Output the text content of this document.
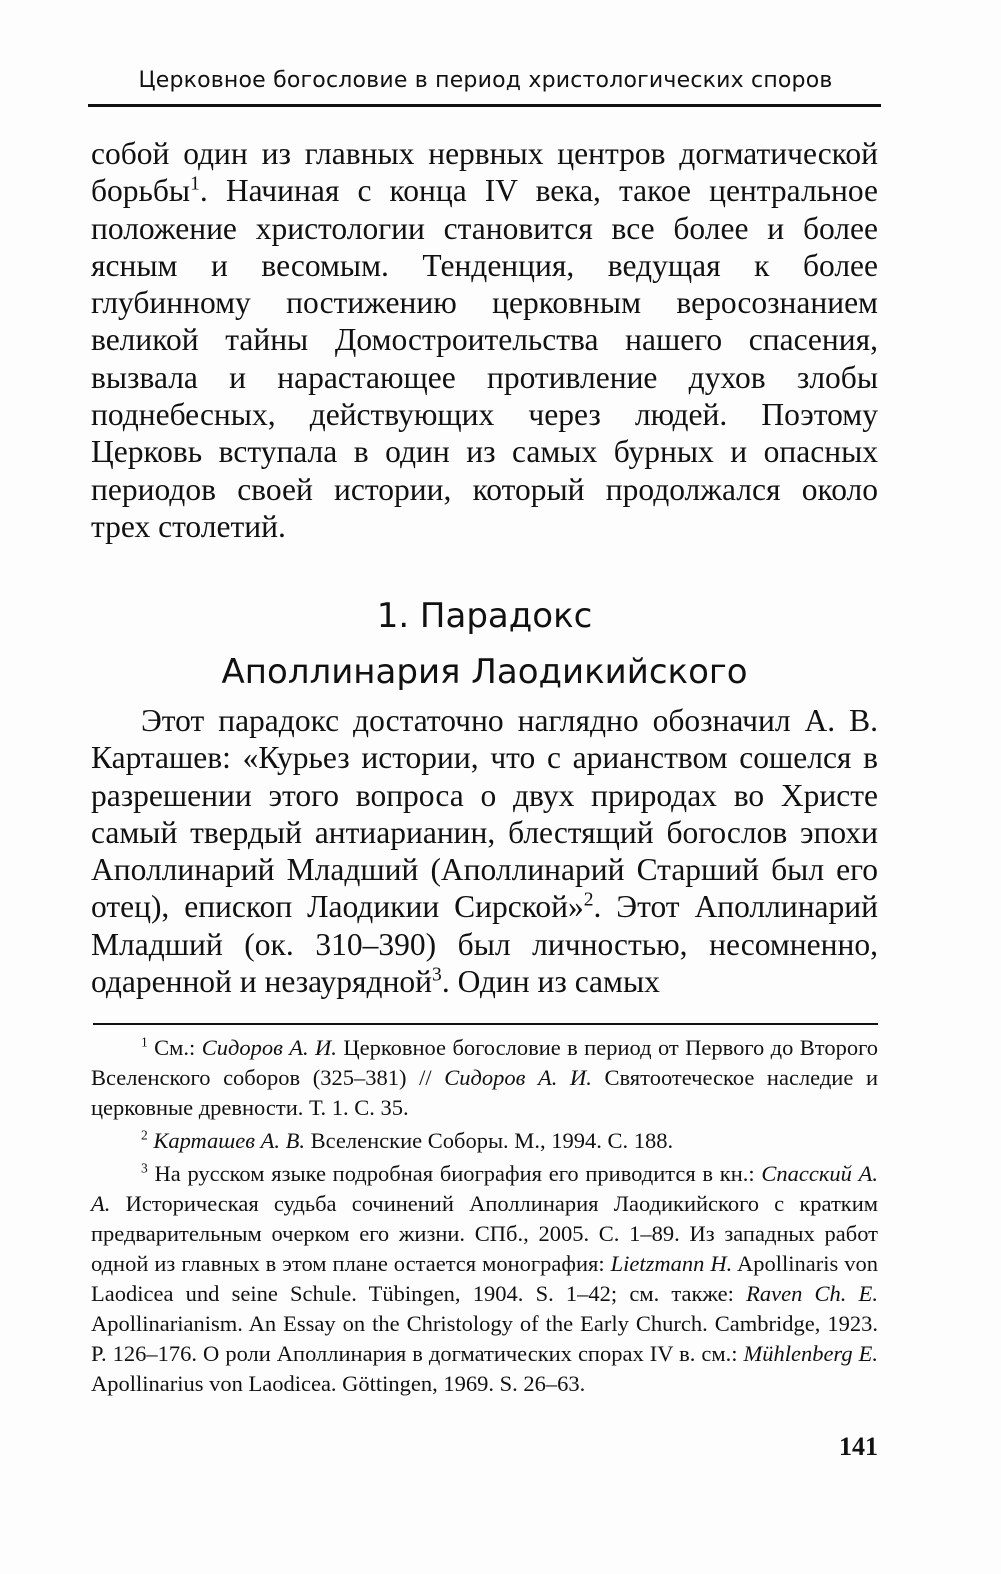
Церковное богословие в период христологических споров
собой один из главных нервных центров догматической борьбы$^1$. Начиная с конца IV века, такое центральное положение христологии становится все более и более ясным и весомым. Тенденция, ведущая к более глубинному постижению церковным веросознанием великой тайны Домостроительства нашего спасения, вызвала и нарастающее противление духов злобы поднебесных, действующих через людей. Поэтому Церковь вступала в один из самых бурных и опасных периодов своей истории, который продолжался около трех столетий.
1. Парадокс
Аполлинария Лаодикийского
Этот парадокс достаточно наглядно обозначил А. В. Карташев: «Курьез истории, что с арианством сошелся в разрешении этого вопроса о двух природах во Христе самый твердый антиарианин, блестящий богослов эпохи Аполлинарий Младший (Аполлинарий Старший был его отец), епископ Лаодикии Сирской»$^2$. Этот Аполлинарий Младший (ок. 310–390) был личностью, несомненно, одаренной и незаурядной$^3$. Один из самых

$^1$ См.: Сидоров А. И. Церковное богословие в период от Первого до Второго Вселенского соборов (325–381) // Сидоров А. И. Святоотеческое наследие и церковные древности. Т. 1. С. 35.

$^2$ Карташев А. В. Вселенские Соборы. М., 1994. С. 188.

$^3$ На русском языке подробная биография его приводится в кн.: Спасский А. А. Историческая судьба сочинений Аполлинария Лаодикийского с кратким предварительным очерком его жизни. СПб., 2005. С. 1–89. Из западных работ одной из главных в этом плане остается монография: Lietzmann H. Apollinaris von Laodicea und seine Schule. Tübingen, 1904. S. 1–42; см. также: Raven Ch. E. Apollinarianism. An Essay on the Christology of the Early Church. Cambridge, 1923. P. 126–176. О роли Аполлинария в догматических спорах IV в. см.: Mühlenberg E. Apollinarius von Laodicea. Göttingen, 1969. S. 26–63.

141
